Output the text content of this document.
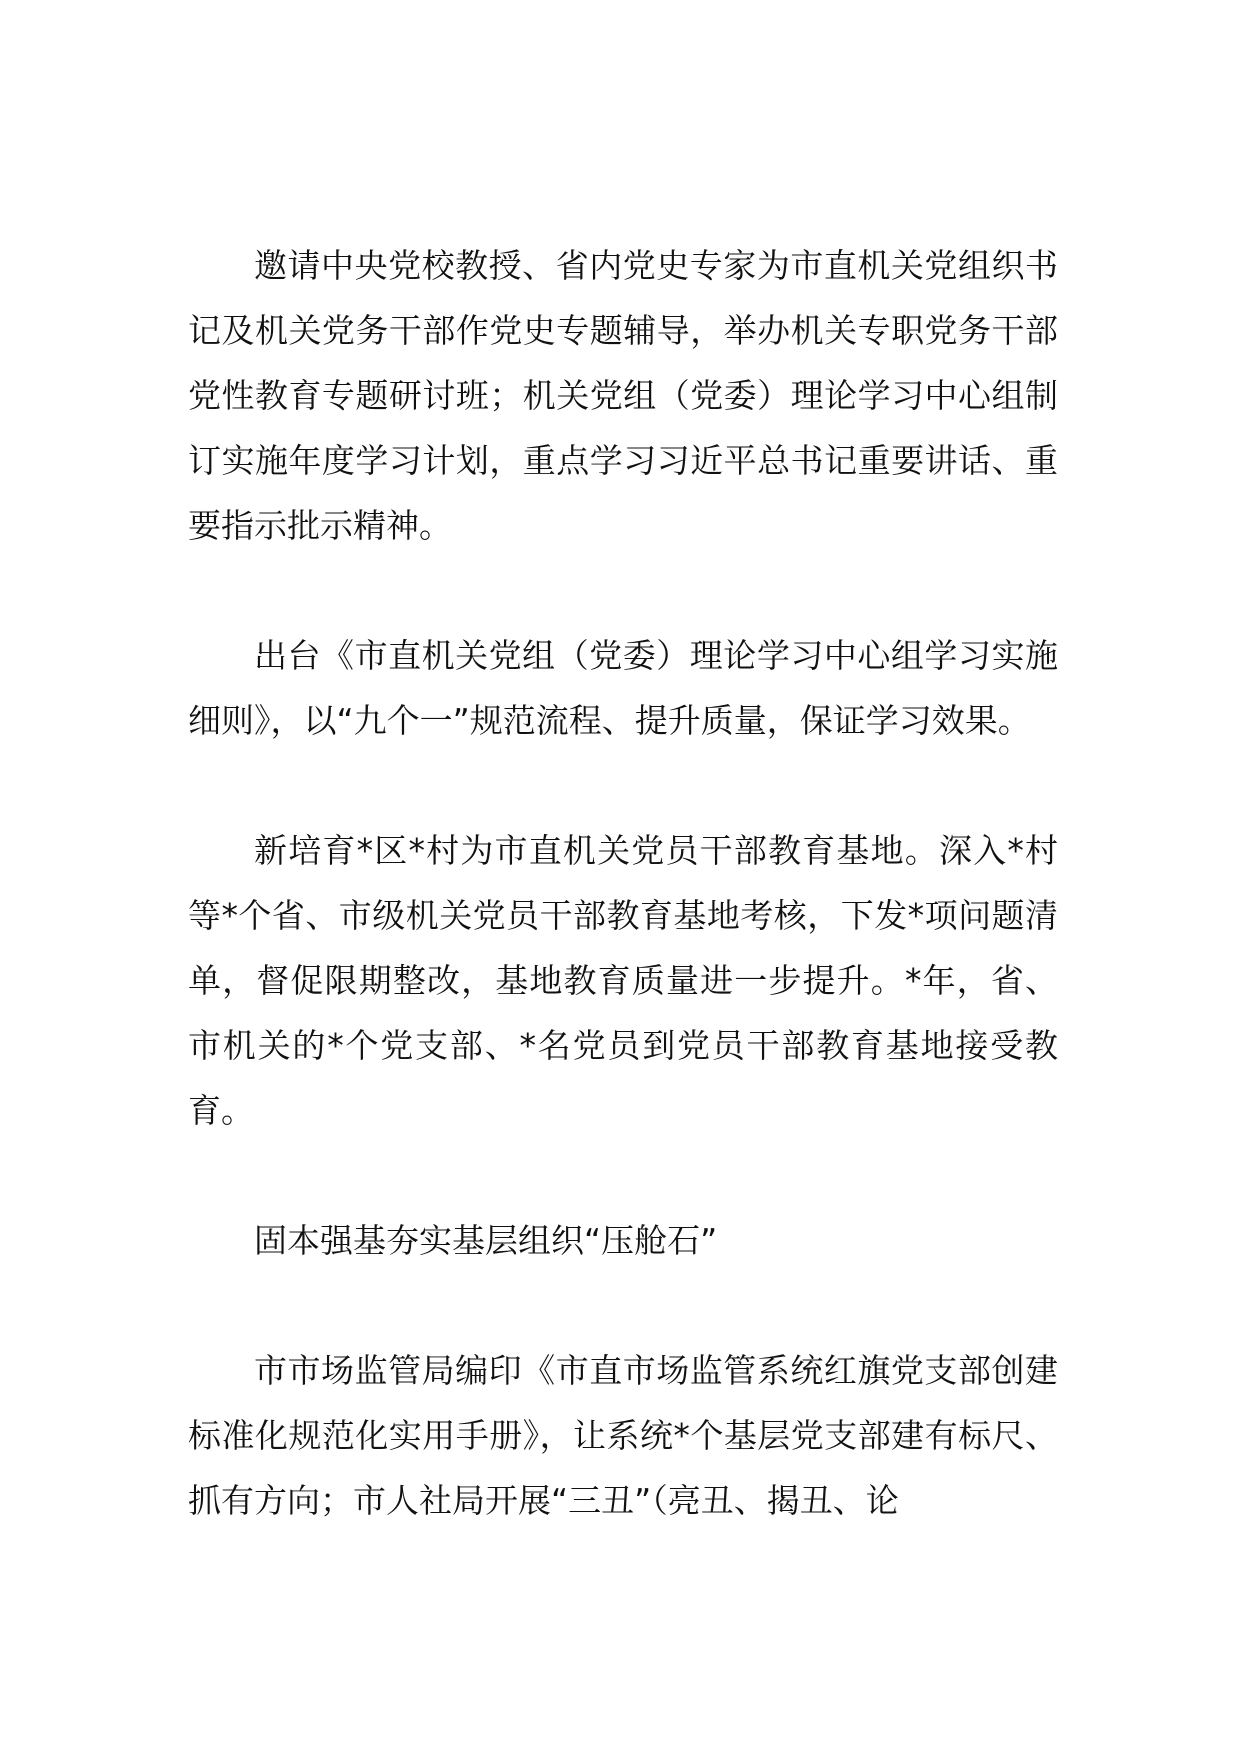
邀请中央党校教授、省内党史专家为市直机关党组织书记及机关党务干部作党史专题辅导，举办机关专职党务干部党性教育专题研讨班；机关党组（党委）理论学习中心组制订实施年度学习计划，重点学习习近平总书记重要讲话、重要指示批示精神。

出台《市直机关党组（党委）理论学习中心组学习实施细则》，以“九个一”规范流程、提升质量，保证学习效果。

新培育*区*村为市直机关党员干部教育基地。深入*村等*个省、市级机关党员干部教育基地考核，下发*项问题清单，督促限期整改，基地教育质量进一步提升。*年，省、市机关的*个党支部、*名党员到党员干部教育基地接受教育。

固本强基夯实基层组织“压舱石”

市市场监管局编印《市直市场监管系统红旗党支部创建标准化规范化实用手册》，让系统*个基层党支部建有标尺、抓有方向；市人社局开展“三丑”（亮丑、揭丑、论
